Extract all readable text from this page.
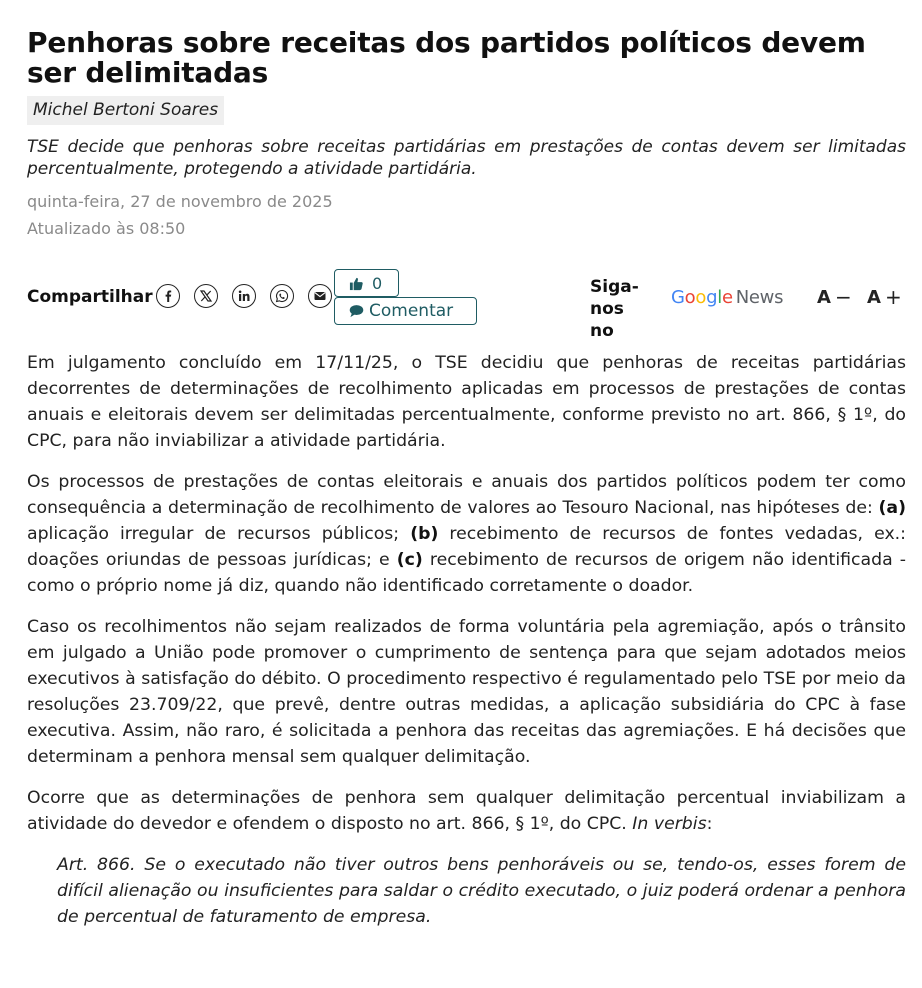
Penhoras sobre receitas dos partidos políticos devem ser delimitadas
Michel Bertoni Soares

TSE decide que penhoras sobre receitas partidárias em prestações de contas devem ser limitadas percentualmente, protegendo a atividade partidária.

quinta-feira, 27 de novembro de 2025
Atualizado às 08:50
Compartilhar
0
Comentar
Siga-nos no
Google News A − A +

Em julgamento concluído em 17/11/25, o TSE decidiu que penhoras de receitas partidárias decorrentes de determinações de recolhimento aplicadas em processos de prestações de contas anuais e eleitorais devem ser delimitadas percentualmente, conforme previsto no art. 866, § 1º, do CPC, para não inviabilizar a atividade partidária.

Os processos de prestações de contas eleitorais e anuais dos partidos políticos podem ter como consequência a determinação de recolhimento de valores ao Tesouro Nacional, nas hipóteses de: (a) aplicação irregular de recursos públicos; (b) recebimento de recursos de fontes vedadas, ex.: doações oriundas de pessoas jurídicas; e (c) recebimento de recursos de origem não identificada - como o próprio nome já diz, quando não identificado corretamente o doador.

Caso os recolhimentos não sejam realizados de forma voluntária pela agremiação, após o trânsito em julgado a União pode promover o cumprimento de sentença para que sejam adotados meios executivos à satisfação do débito. O procedimento respectivo é regulamentado pelo TSE por meio da resoluções 23.709/22, que prevê, dentre outras medidas, a aplicação subsidiária do CPC à fase executiva. Assim, não raro, é solicitada a penhora das receitas das agremiações. E há decisões que determinam a penhora mensal sem qualquer delimitação.

Ocorre que as determinações de penhora sem qualquer delimitação percentual inviabilizam a atividade do devedor e ofendem o disposto no art. 866, § 1º, do CPC. In verbis:

Art. 866. Se o executado não tiver outros bens penhoráveis ou se, tendo-os, esses forem de difícil alienação ou insuficientes para saldar o crédito executado, o juiz poderá ordenar a penhora de percentual de faturamento de empresa.
